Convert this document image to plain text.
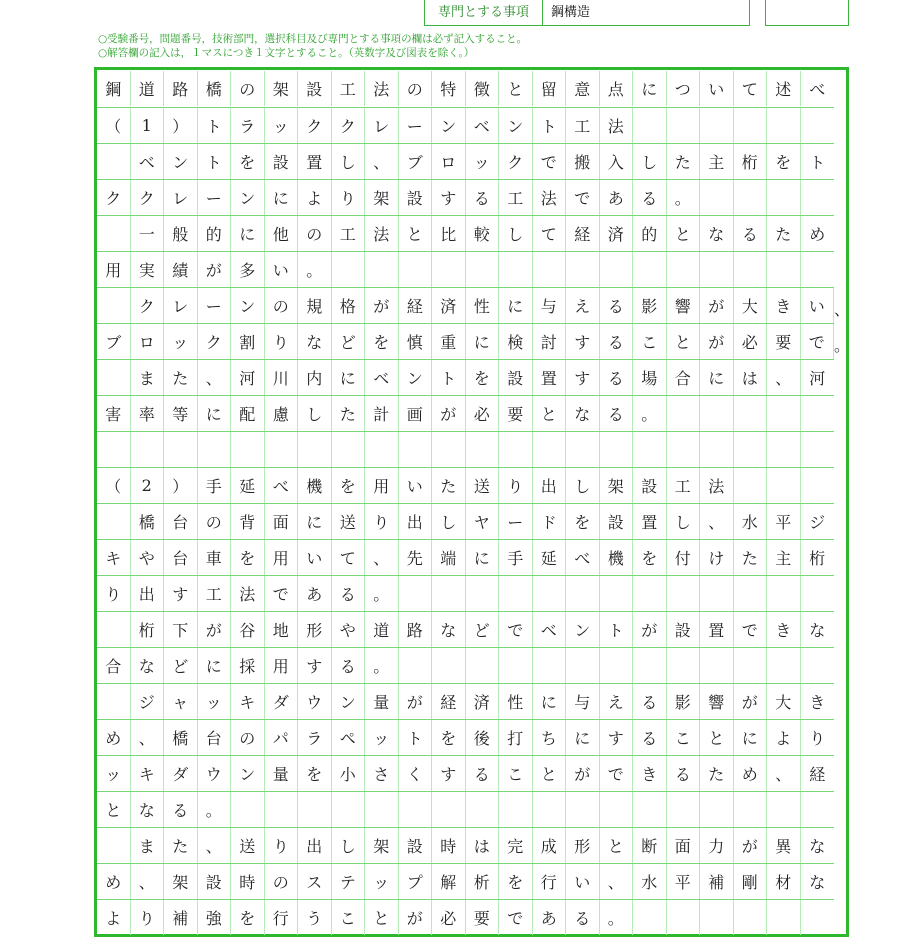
専門とする事項	鋼構造
○受験番号，問題番号，技術部門，選択科目及び専門とする事項の欄は必ず記入すること。
○解答欄の記入は，１マスにつき１文字とすること。（英数字及び図表を除く。）
鋼	道	路	橋	の	架	設	工	法	の	特	徴	と	留	意	点	に	つ	い	て	述	べ
（	1	）	ト	ラ	ッ	ク	ク	レ	ー	ン	ベ	ン	ト	工	法
ベ	ン	ト	を	設	置	し	、	ブ	ロ	ッ	ク	で	搬	入	し	た	主	桁	を	ト
ク	ク	レ	ー	ン	に	よ	り	架	設	す	る	工	法	で	あ	る	。
一	般	的	に	他	の	工	法	と	比	較	し	て	経	済	的	と	な	る	た	め
用	実	績	が	多	い	。
ク	レ	ー	ン	の	規	格	が	経	済	性	に	与	え	る	影	響	が	大	き	い 、
ブ	ロ	ッ	ク	割	り	な	ど	を	慎	重	に	検	討	す	る	こ	と	が	必	要	で 。
ま	た	、	河	川	内	に	ベ	ン	ト	を	設	置	す	る	場	合	に	は	、	河
害	率	等	に	配	慮	し	た	計	画	が	必	要	と	な	る	。
（	2	）	手	延	べ	機	を	用	い	た	送	り	出	し	架	設	工	法
橋	台	の	背	面	に	送	り	出	し	ヤ	ー	ド	を	設	置	し	、	水	平	ジ
キ	や	台	車	を	用	い	て	、	先	端	に	手	延	べ	機	を	付	け	た	主	桁
り	出	す	工	法	で	あ	る	。
桁	下	が	谷	地	形	や	道	路	な	ど	で	ベ	ン	ト	が	設	置	で	き	な
合	な	ど	に	採	用	す	る	。
ジ	ャ	ッ	キ	ダ	ウ	ン	量	が	経	済	性	に	与	え	る	影	響	が	大	き
め	、	橋	台	の	パ	ラ	ペ	ッ	ト	を	後	打	ち	に	す	る	こ	と	に	よ	り
ッ	キ	ダ	ウ	ン	量	を	小	さ	く	す	る	こ	と	が	で	き	る	た	め	、	経
と	な	る	。
ま	た	、	送	り	出	し	架	設	時	は	完	成	形	と	断	面	力	が	異	な
め	、	架	設	時	の	ス	テ	ッ	プ	解	析	を	行	い	、	水	平	補	剛	材	な
よ	り	補	強	を	行	う	こ	と	が	必	要	で	あ	る	。
